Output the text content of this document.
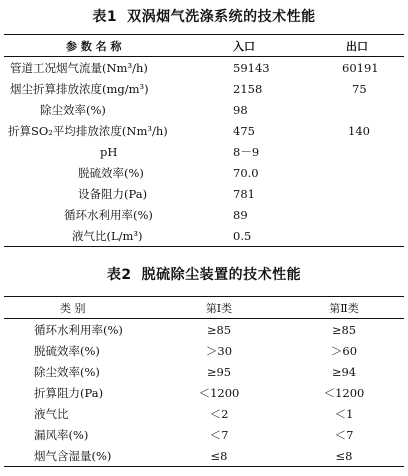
表1 双涡烟气洗涤系统的技术性能
参 数 名 称	入口	出口
管道工况烟气流量(Nm³/h)	59143	60191
烟尘折算排放浓度(mg/m³)	2158	75
除尘效率(%)	98	
折算SO₂平均排放浓度(Nm³/h)	475	140
pH	8－9	
脱硫效率(%)	70.0	
设备阻力(Pa)	781	
循环水利用率(%)	89	
液气比(L/m³)	0.5	
表2 脱硫除尘装置的技术性能
类 别	第Ⅰ类	第Ⅱ类
循环水利用率(%)	≥85	≥85
脱硫效率(%)	＞30	＞60
除尘效率(%)	≥95	≥94
折算阻力(Pa)	＜1200	＜1200
液气比	＜2	＜1
漏风率(%)	＜7	＜7
烟气含湿量(%)	≤8	≤8
